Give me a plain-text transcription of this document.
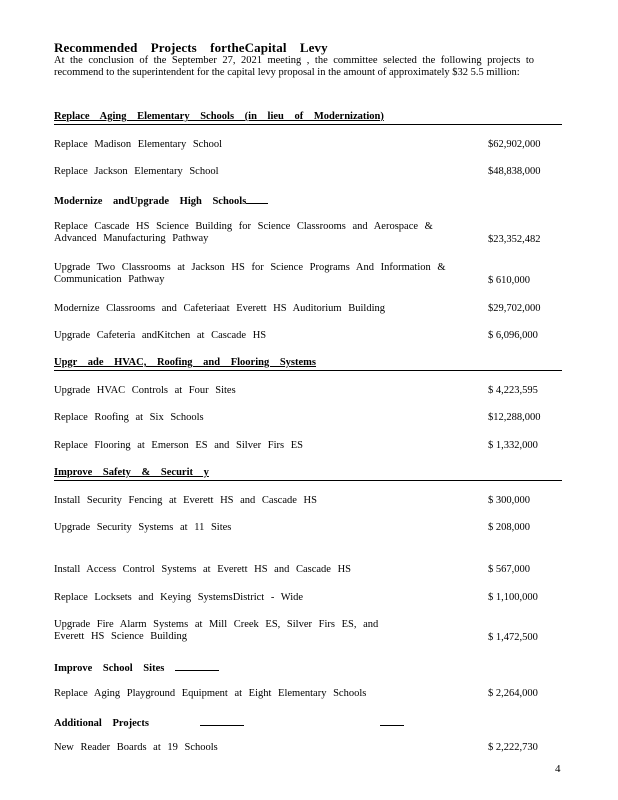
Recommended Projects fortheCapital Levy
At the conclusion of the September 27, 2021 meeting , the committee selected the following projects to recommend to the superintendent for the capital levy proposal in the amount of approximately $32 5.5 million:
Replace Aging Elementary Schools (in lieu of Modernization)
Replace Madison Elementary School	$62,902,000
Replace Jackson Elementary School	$48,838,000
Modernize andUpgrade High Schools
Replace Cascade HS Science Building for Science Classrooms and Aerospace & Advanced Manufacturing Pathway	$23,352,482
Upgrade Two Classrooms at Jackson HS for Science Programs And Information & Communication Pathway	$ 610,000
Modernize Classrooms and Cafeteriaat Everett HS Auditorium Building	$29,702,000
Upgrade Cafeteria andKitchen at Cascade HS	$ 6,096,000
Upgr ade HVAC, Roofing and Flooring Systems
Upgrade HVAC Controls at Four Sites	$ 4,223,595
Replace Roofing at Six Schools	$12,288,000
Replace Flooring at Emerson ES and Silver Firs ES	$ 1,332,000
Improve Safety & Securit y
Install Security Fencing at Everett HS and Cascade HS	$ 300,000
Upgrade Security Systems at 11 Sites	$ 208,000
Install Access Control Systems at Everett HS and Cascade HS	$ 567,000
Replace Locksets and Keying SystemsDistrict - Wide	$ 1,100,000
Upgrade Fire Alarm Systems at Mill Creek ES, Silver Firs ES, and Everett HS Science Building	$ 1,472,500
Improve School Sites
Replace Aging Playground Equipment at Eight Elementary Schools	$ 2,264,000
Additional Projects
New Reader Boards at 19 Schools	$ 2,222,730
4
